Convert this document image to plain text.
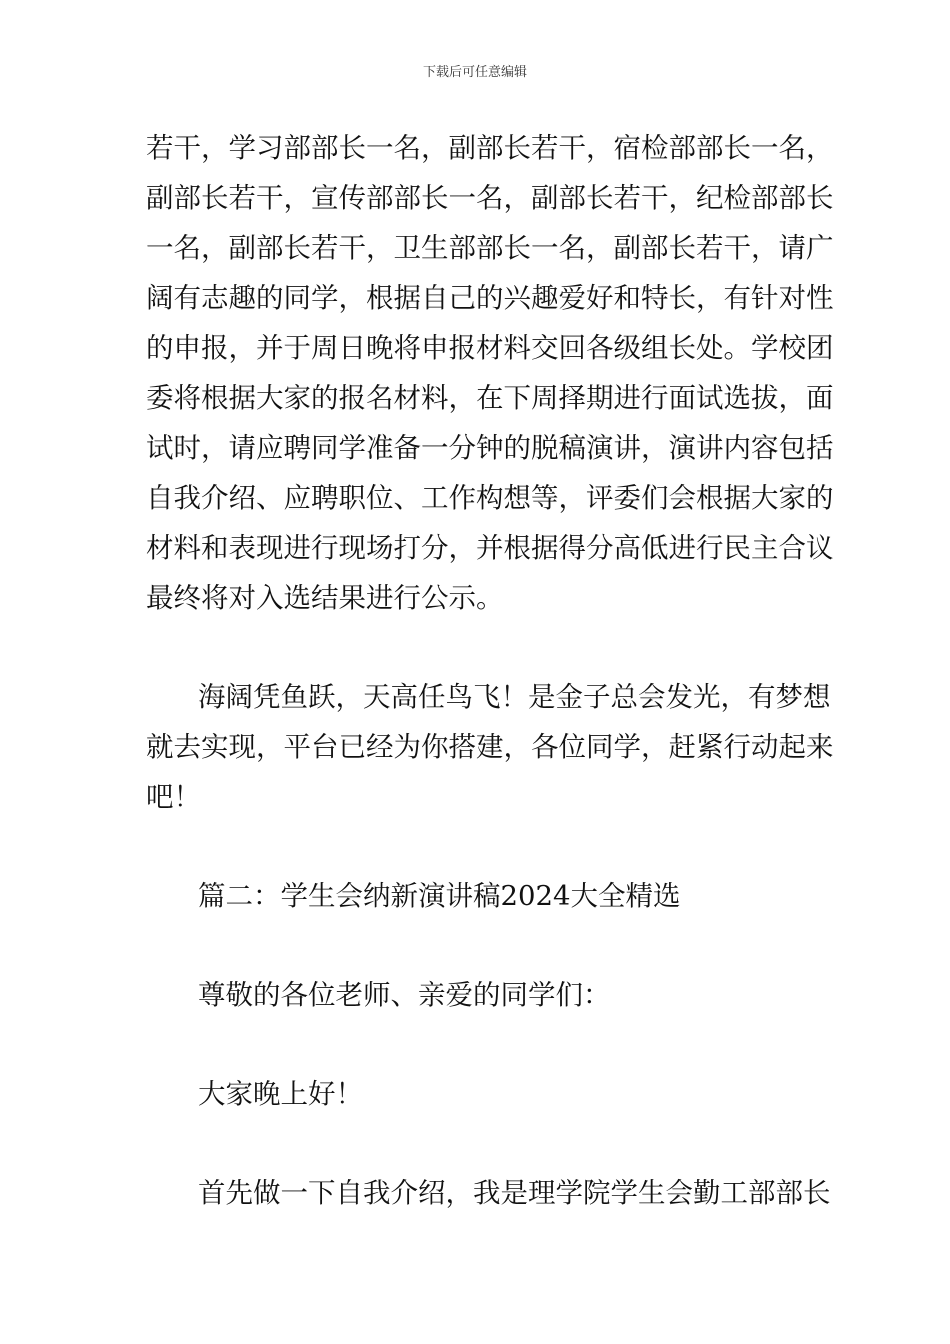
下载后可任意编辑
若干，学习部部长一名，副部长若干，宿检部部长一名，
副部长若干，宣传部部长一名，副部长若干，纪检部部长
一名，副部长若干，卫生部部长一名，副部长若干，请广
阔有志趣的同学，根据自己的兴趣爱好和特长，有针对性
的申报，并于周日晚将申报材料交回各级组长处。学校团
委将根据大家的报名材料，在下周择期进行面试选拔，面
试时，请应聘同学准备一分钟的脱稿演讲，演讲内容包括
自我介绍、应聘职位、工作构想等，评委们会根据大家的
材料和表现进行现场打分，并根据得分高低进行民主合议
最终将对入选结果进行公示。
海阔凭鱼跃，天高任鸟飞！是金子总会发光，有梦想
就去实现，平台已经为你搭建，各位同学，赶紧行动起来
吧！
篇二：学生会纳新演讲稿2024大全精选
尊敬的各位老师、亲爱的同学们：
大家晚上好！
首先做一下自我介绍，我是理学院学生会勤工部部长
